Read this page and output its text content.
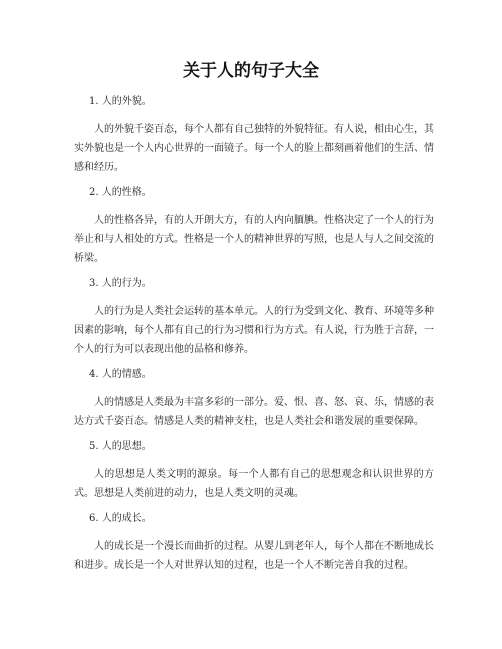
关于人的句子大全

1. 人的外貌。

人的外貌千姿百态，每个人都有自己独特的外貌特征。有人说，相由心生，其实外貌也是一个人内心世界的一面镜子。每一个人的脸上都刻画着他们的生活、情感和经历。

2. 人的性格。

人的性格各异，有的人开朗大方，有的人内向腼腆。性格决定了一个人的行为举止和与人相处的方式。性格是一个人的精神世界的写照，也是人与人之间交流的桥梁。

3. 人的行为。

人的行为是人类社会运转的基本单元。人的行为受到文化、教育、环境等多种因素的影响，每个人都有自己的行为习惯和行为方式。有人说，行为胜于言辞，一个人的行为可以表现出他的品格和修养。

4. 人的情感。

人的情感是人类最为丰富多彩的一部分。爱、恨、喜、怒、哀、乐，情感的表达方式千姿百态。情感是人类的精神支柱，也是人类社会和谐发展的重要保障。

5. 人的思想。

人的思想是人类文明的源泉。每一个人都有自己的思想观念和认识世界的方式。思想是人类前进的动力，也是人类文明的灵魂。

6. 人的成长。

人的成长是一个漫长而曲折的过程。从婴儿到老年人，每个人都在不断地成长和进步。成长是一个人对世界认知的过程，也是一个人不断完善自我的过程。
